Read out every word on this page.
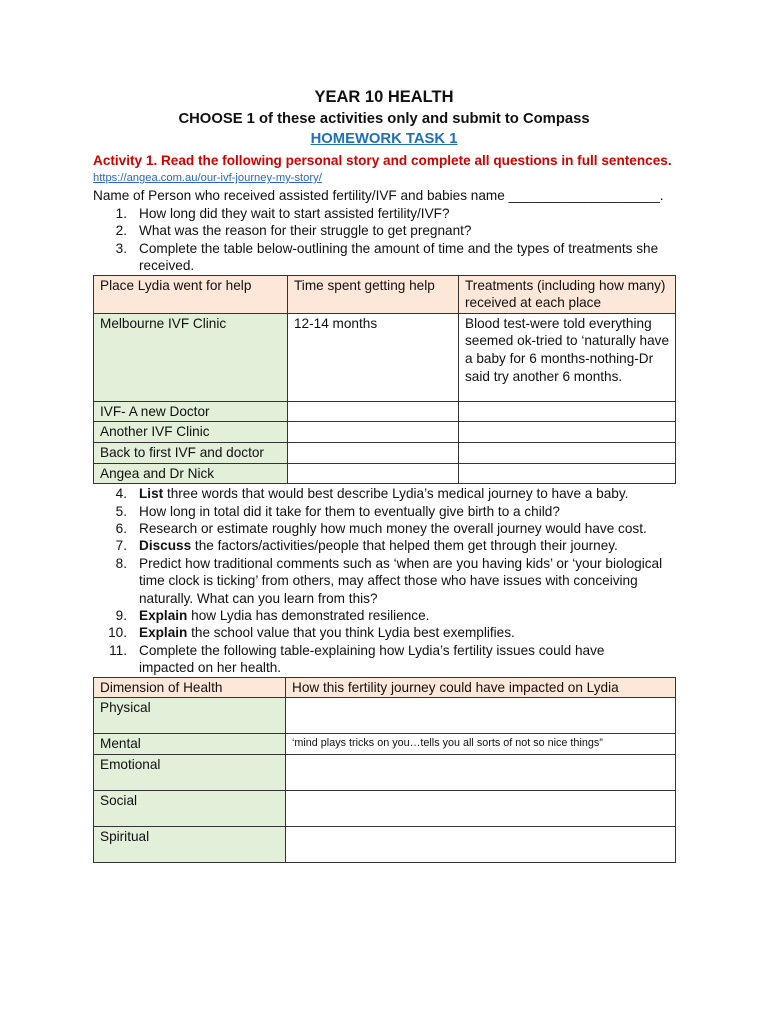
YEAR 10 HEALTH
CHOOSE 1 of these activities only and submit to Compass
HOMEWORK TASK 1
Activity 1. Read the following personal story and complete all questions in full sentences.
https://angea.com.au/our-ivf-journey-my-story/
Name of Person who received assisted fertility/IVF and babies name ____________________.
1. How long did they wait to start assisted fertility/IVF?
2. What was the reason for their struggle to get pregnant?
3. Complete the table below-outlining the amount of time and the types of treatments she received.
Place Lydia went for help	Time spent getting help	Treatments (including how many) received at each place
Melbourne IVF Clinic	12-14 months	Blood test-were told everything seemed ok-tried to ‘naturally have a baby for 6 months-nothing-Dr said try another 6 months.
IVF- A new Doctor		
Another IVF Clinic		
Back to first IVF and doctor		
Angea and Dr Nick		
4. List three words that would best describe Lydia’s medical journey to have a baby.
5. How long in total did it take for them to eventually give birth to a child?
6. Research or estimate roughly how much money the overall journey would have cost.
7. Discuss the factors/activities/people that helped them get through their journey.
8. Predict how traditional comments such as ‘when are you having kids’ or ‘your biological time clock is ticking’ from others, may affect those who have issues with conceiving naturally. What can you learn from this?
9. Explain how Lydia has demonstrated resilience.
10. Explain the school value that you think Lydia best exemplifies.
11. Complete the following table-explaining how Lydia’s fertility issues could have impacted on her health.
Dimension of Health	How this fertility journey could have impacted on Lydia
Physical	
Mental	‘mind plays tricks on you…tells you all sorts of not so nice things”
Emotional	
Social	
Spiritual	
